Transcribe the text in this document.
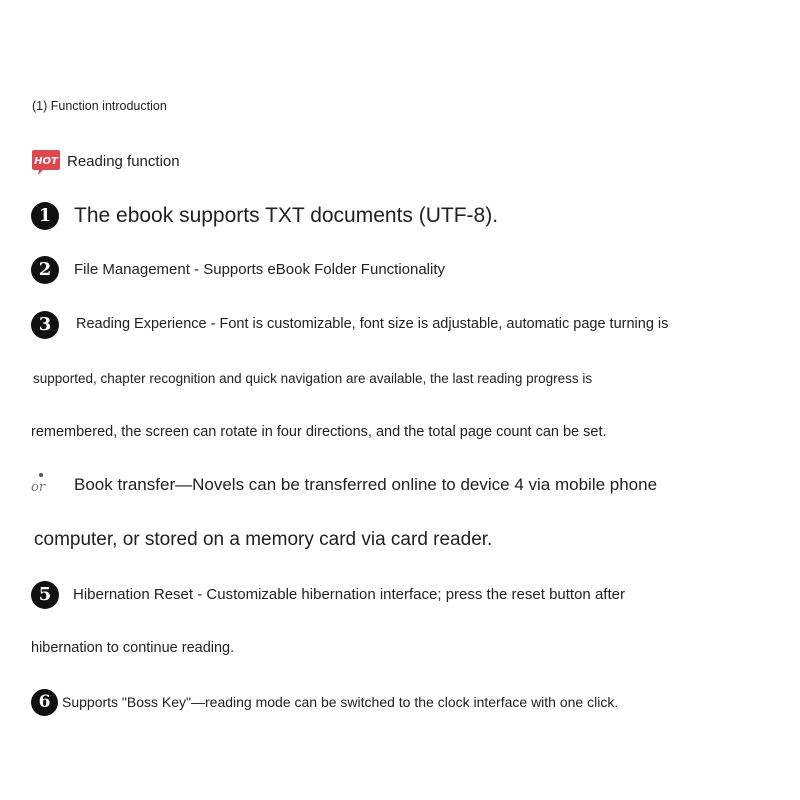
(1) Function introduction
HOT Reading function
1	The ebook supports TXT documents (UTF-8).
2	File Management - Supports eBook Folder Functionality
3	Reading Experience - Font is customizable, font size is adjustable, automatic page turning is
supported, chapter recognition and quick navigation are available, the last reading progress is
remembered, the screen can rotate in four directions, and the total page count can be set.
or Book transfer—Novels can be transferred online to device 4 via mobile phone
computer, or stored on a memory card via card reader.
5	Hibernation Reset - Customizable hibernation interface; press the reset button after
hibernation to continue reading.
6 Supports "Boss Key"—reading mode can be switched to the clock interface with one click.
